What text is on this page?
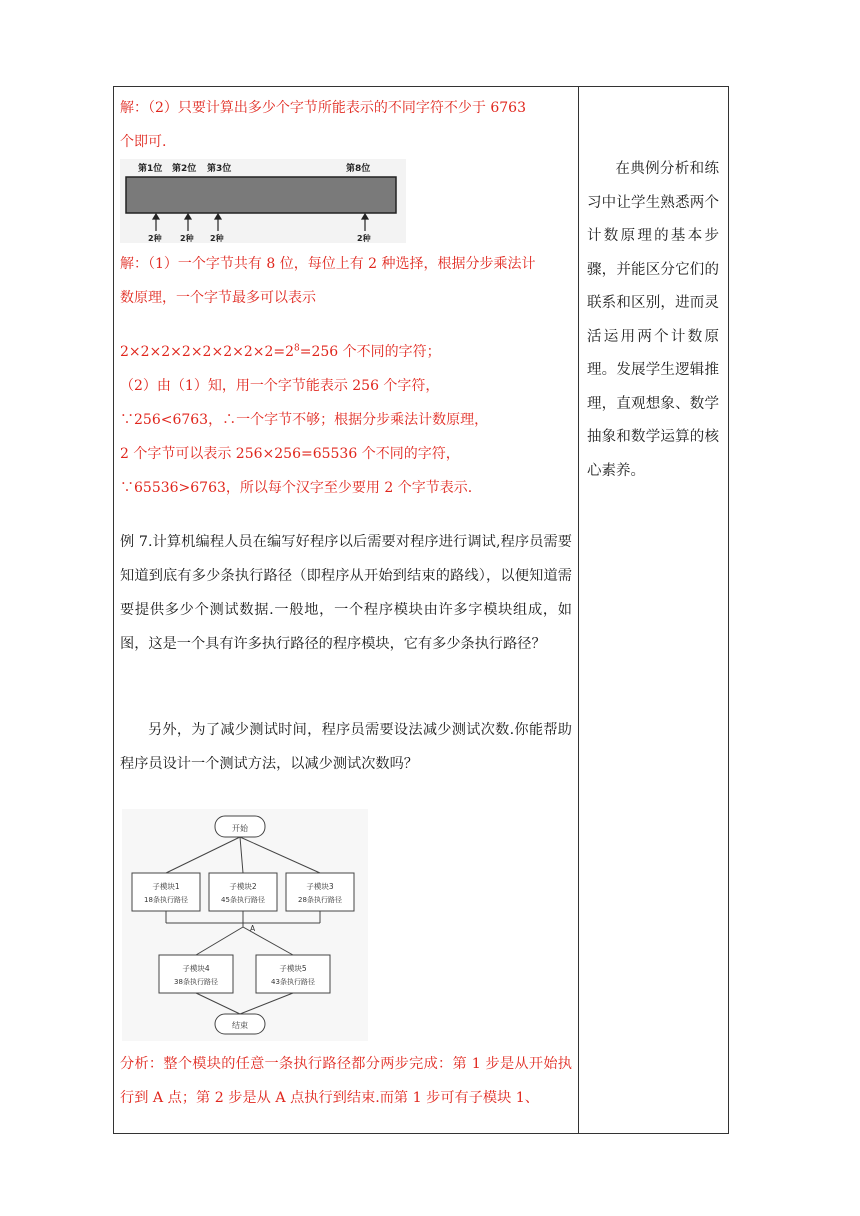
解：（2）只要计算出多少个字节所能表示的不同字符不少于 6763
个即可.
第1位 第2位 第3位	第8位
2种 2种 2种	2种
解：（1）一个字节共有 8 位，每位上有 2 种选择，根据分步乘法计
数原理，一个字节最多可以表示
$2\times 2\times 2\times 2\times 2\times 2\times 2\times 2=2^8=256$ 个不同的字符；
（2）由（1）知，用一个字节能表示 256 个字符，
∵256<6763，∴一个字节不够；根据分步乘法计数原理，
2 个字节可以表示 256×256=65536 个不同的字符，
∵65536>6763，所以每个汉字至少要用 2 个字节表示.
例 7.计算机编程人员在编写好程序以后需要对程序进行调试,程序员需要知道到底有多少条执行路径（即程序从开始到结束的路线），以便知道需要提供多少个测试数据.一般地，一个程序模块由许多字模块组成，如图，这是一个具有许多执行路径的程序模块，它有多少条执行路径？
另外，为了减少测试时间，程序员需要设法减少测试次数.你能帮助程序员设计一个测试方法，以减少测试次数吗？
开始
子模块1
18条执行路径
子模块2
45条执行路径
子模块3
28条执行路径
A
子模块4
38条执行路径
子模块5
43条执行路径
结束
分析：整个模块的任意一条执行路径都分两步完成：第 1 步是从开始执行到 A 点；第 2 步是从 A 点执行到结束.而第 1 步可有子模块 1、
在典例分析和练习中让学生熟悉两个计数原理的基本步骤，并能区分它们的联系和区别，进而灵活运用两个计数原理。发展学生逻辑推理，直观想象、数学抽象和数学运算的核心素养。
